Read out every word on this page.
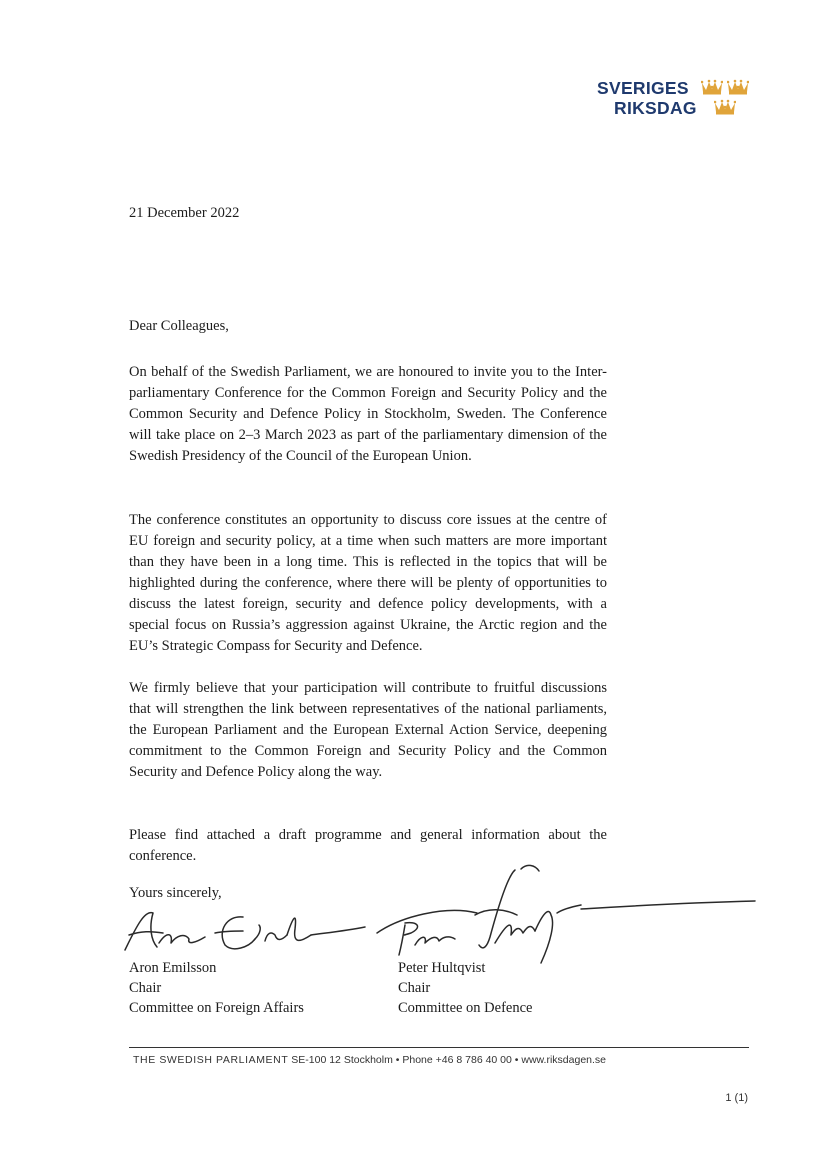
SVERIGES
RIKSDAG
21 December 2022
Dear Colleagues,
On behalf of the Swedish Parliament, we are honoured to invite you to the Inter-parliamentary Conference for the Common Foreign and Security Policy and the Common Security and Defence Policy in Stockholm, Sweden. The Conference will take place on 2–3 March 2023 as part of the parliamentary dimension of the Swedish Presidency of the Council of the European Union.
The conference constitutes an opportunity to discuss core issues at the centre of EU foreign and security policy, at a time when such matters are more important than they have been in a long time. This is reflected in the topics that will be highlighted during the conference, where there will be plenty of opportunities to discuss the latest foreign, security and defence policy developments, with a special focus on Russia’s aggression against Ukraine, the Arctic region and the EU’s Strategic Compass for Security and Defence.
We firmly believe that your participation will contribute to fruitful discussions that will strengthen the link between representatives of the national parliaments, the European Parliament and the European External Action Service, deepening commitment to the Common Foreign and Security Policy and the Common Security and Defence Policy along the way.
Please find attached a draft programme and general information about the conference.
Yours sincerely,
Aron Emilsson
Chair
Committee on Foreign Affairs
Peter Hultqvist
Chair
Committee on Defence
THE SWEDISH PARLIAMENT SE-100 12 Stockholm • Phone +46 8 786 40 00 • www.riksdagen.se
1 (1)
